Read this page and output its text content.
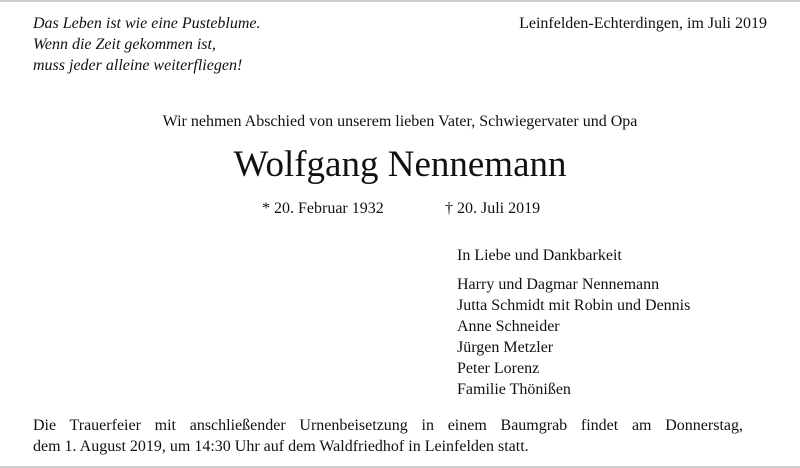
Das Leben ist wie eine Pusteblume.
Wenn die Zeit gekommen ist,
muss jeder alleine weiterfliegen!
Leinfelden-Echterdingen, im Juli 2019
Wir nehmen Abschied von unserem lieben Vater, Schwiegervater und Opa
Wolfgang Nennemann
* 20. Februar 1932	† 20. Juli 2019
In Liebe und Dankbarkeit
Harry und Dagmar Nennemann
Jutta Schmidt mit Robin und Dennis
Anne Schneider
Jürgen Metzler
Peter Lorenz
Familie Thönißen
Die Trauerfeier mit anschließender Urnenbeisetzung in einem Baumgrab findet am Donnerstag,
dem 1. August 2019, um 14:30 Uhr auf dem Waldfriedhof in Leinfelden statt.
